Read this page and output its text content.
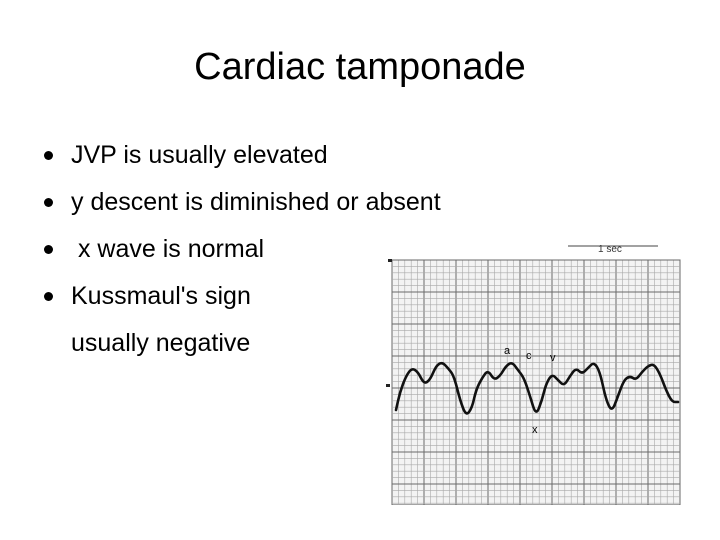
Cardiac tamponade
JVP is usually elevated
y descent is diminished or absent
x wave is normal
Kussmaul's sign
usually negative
1 sec
a c v
x
